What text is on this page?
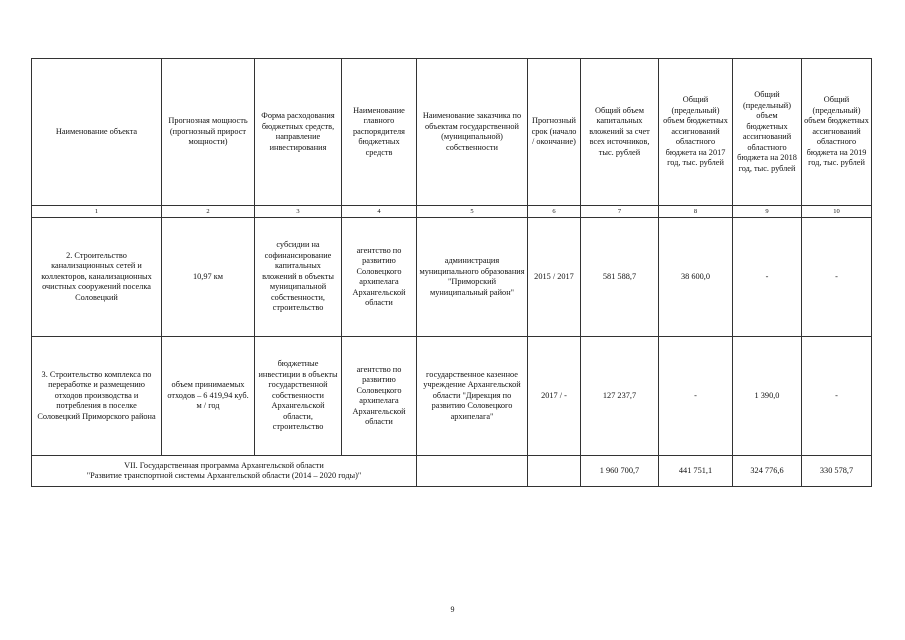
Наименование объекта	Прогнозная мощность (прогнозный прирост мощности)	Форма расходования бюджетных средств, направление инвестирования	Наименование главного распорядителя бюджетных средств	Наименование заказчика по объектам государственной (муниципальной) собственности	Прогнозный срок (начало / окончание)	Общий объем капитальных вложений за счет всех источников, тыс. рублей	Общий (предельный) объем бюджетных ассигнований областного бюджета на 2017 год, тыс. рублей	Общий (предельный) объем бюджетных ассигнований областного бюджета на 2018 год, тыс. рублей	Общий (предельный) объем бюджетных ассигнований областного бюджета на 2019 год, тыс. рублей
1	2	3	4	5	6	7	8	9	10
2. Строительство канализационных сетей и коллекторов, канализационных очистных сооружений поселка Соловецкий	10,97 км	субсидии на софинансирование капитальных вложений в объекты муниципальной собственности, строительство	агентство по развитию Соловецкого архипелага Архангельской области	администрация муниципального образования "Приморский муниципальный район"	2015 / 2017	581 588,7	38 600,0	-	-
3. Строительство комплекса по переработке и размещению отходов производства и потребления в поселке Соловецкий Приморского района	объем принимаемых отходов – 6 419,94 куб. м / год	бюджетные инвестиции в объекты государственной собственности Архангельской области, строительство	агентство по развитию Соловецкого архипелага Архангельской области	государственное казенное учреждение Архангельской области "Дирекция по развитию Соловецкого архипелага"	2017 / -	127 237,7	-	1 390,0	-

VII. Государственная программа Архангельской области
"Развитие транспортной системы Архангельской области (2014 – 2020 годы)"						1 960 700,7	441 751,1	324 776,6	330 578,7
9
